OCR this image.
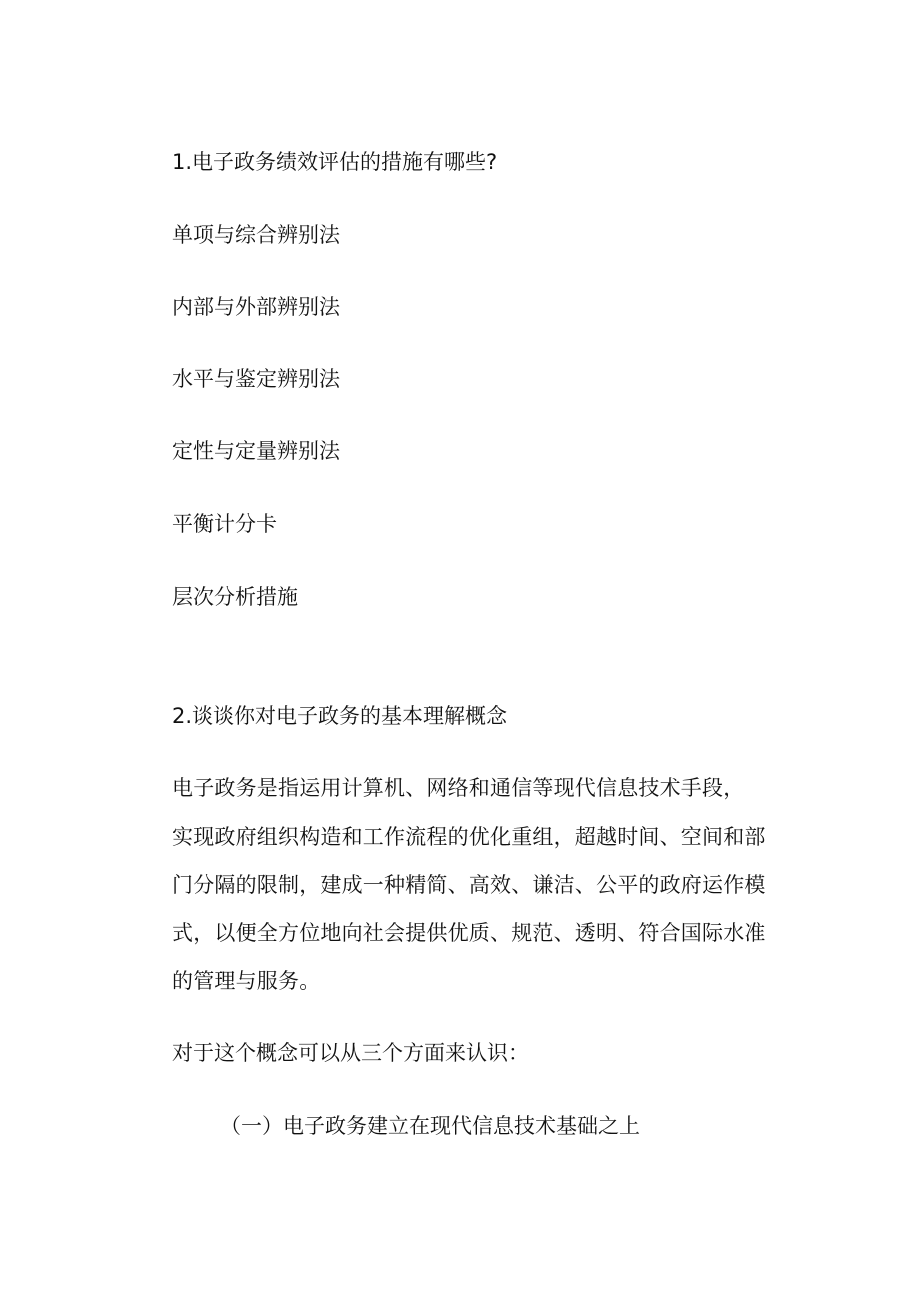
1.电子政务绩效评估的措施有哪些?
单项与综合辨别法
内部与外部辨别法
水平与鉴定辨别法
定性与定量辨别法
平衡计分卡
层次分析措施
2.谈谈你对电子政务的基本理解概念
电子政务是指运用计算机、网络和通信等现代信息技术手段，
实现政府组织构造和工作流程的优化重组，超越时间、空间和部
门分隔的限制，建成一种精简、高效、谦洁、公平的政府运作模
式，以便全方位地向社会提供优质、规范、透明、符合国际水准
的管理与服务。
对于这个概念可以从三个方面来认识：
（一）电子政务建立在现代信息技术基础之上
